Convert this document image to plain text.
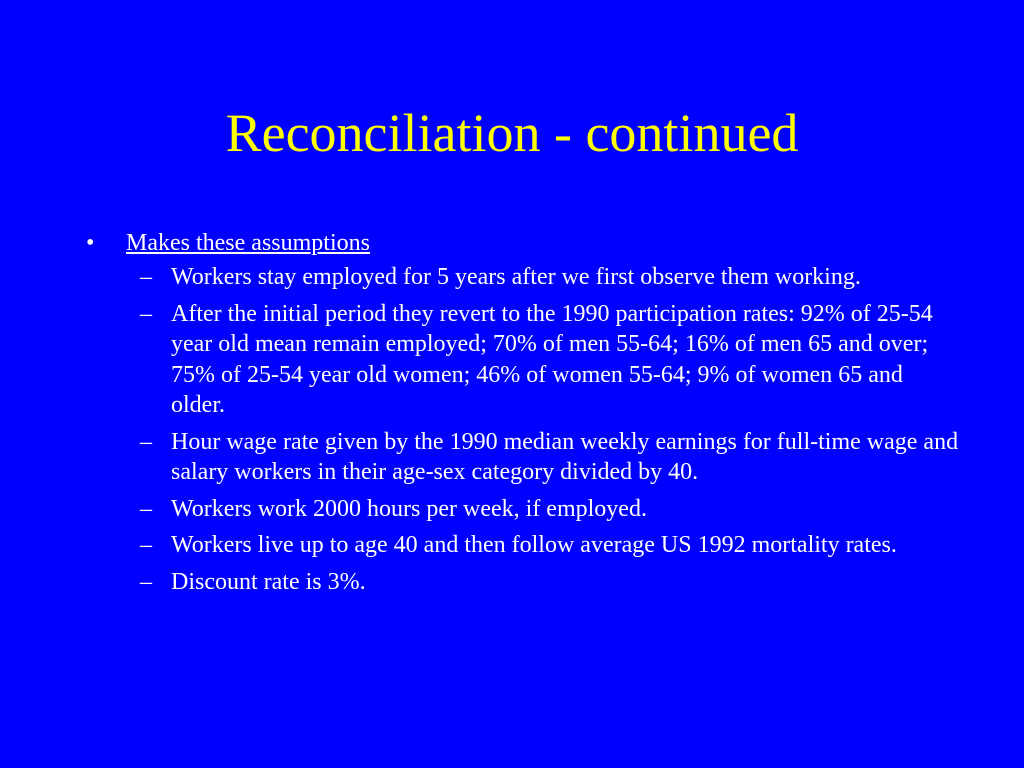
Reconciliation - continued
• Makes these assumptions
– Workers stay employed for 5 years after we first observe them working.
– After the initial period they revert to the 1990 participation rates: 92% of 25-54 year old mean remain employed; 70% of men 55-64; 16% of men 65 and over; 75% of 25-54 year old women; 46% of women 55-64; 9% of women 65 and older.
– Hour wage rate given by the 1990 median weekly earnings for full-time wage and salary workers in their age-sex category divided by 40.
– Workers work 2000 hours per week, if employed.
– Workers live up to age 40 and then follow average US 1992 mortality rates.
– Discount rate is 3%.
